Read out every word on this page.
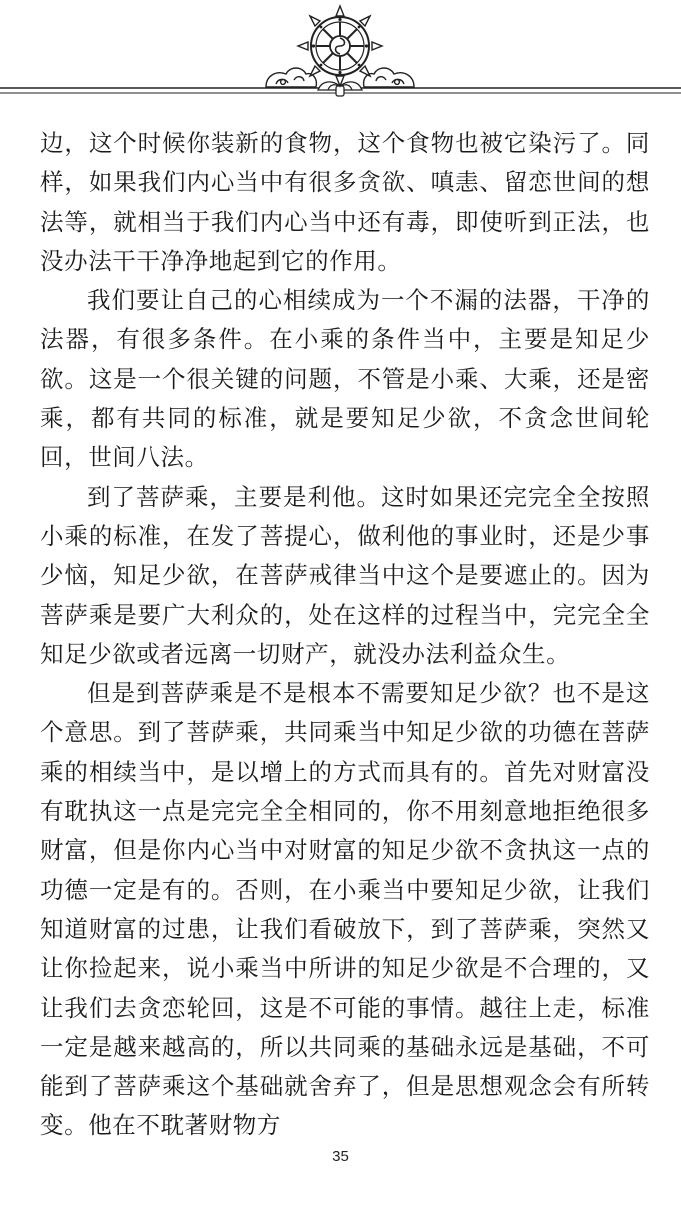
边，这个时候你装新的食物，这个食物也被它染污了。同样，如果我们内心当中有很多贪欲、嗔恚、留恋世间的想法等，就相当于我们内心当中还有毒，即使听到正法，也没办法干干净净地起到它的作用。

我们要让自己的心相续成为一个不漏的法器，干净的法器，有很多条件。在小乘的条件当中，主要是知足少欲。这是一个很关键的问题，不管是小乘、大乘，还是密乘，都有共同的标准，就是要知足少欲，不贪念世间轮回，世间八法。

到了菩萨乘，主要是利他。这时如果还完完全全按照小乘的标准，在发了菩提心，做利他的事业时，还是少事少恼，知足少欲，在菩萨戒律当中这个是要遮止的。因为菩萨乘是要广大利众的，处在这样的过程当中，完完全全知足少欲或者远离一切财产，就没办法利益众生。

但是到菩萨乘是不是根本不需要知足少欲？也不是这个意思。到了菩萨乘，共同乘当中知足少欲的功德在菩萨乘的相续当中，是以增上的方式而具有的。首先对财富没有耽执这一点是完完全全相同的，你不用刻意地拒绝很多财富，但是你内心当中对财富的知足少欲不贪执这一点的功德一定是有的。否则，在小乘当中要知足少欲，让我们知道财富的过患，让我们看破放下，到了菩萨乘，突然又让你捡起来，说小乘当中所讲的知足少欲是不合理的，又让我们去贪恋轮回，这是不可能的事情。越往上走，标准一定是越来越高的，所以共同乘的基础永远是基础，不可能到了菩萨乘这个基础就舍弃了，但是思想观念会有所转变。他在不耽著财物方

35
